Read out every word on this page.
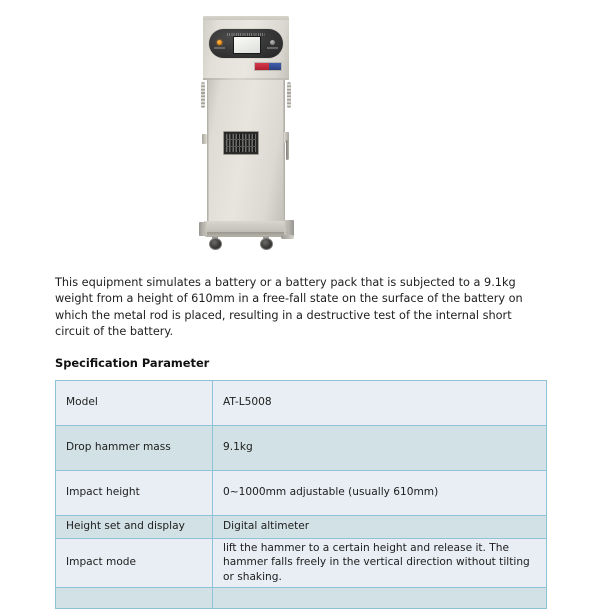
This equipment simulates a battery or a battery pack that is subjected to a 9.1kg weight from a height of 610mm in a free-fall state on the surface of the battery on which the metal rod is placed, resulting in a destructive test of the internal short circuit of the battery.

Specification Parameter
Model	AT-L5008
Drop hammer mass	9.1kg
Impact height	0~1000mm adjustable (usually 610mm)
Height set and display	Digital altimeter
Impact mode	lift the hammer to a certain height and release it. The hammer falls freely in the vertical direction without tilting or shaking.
